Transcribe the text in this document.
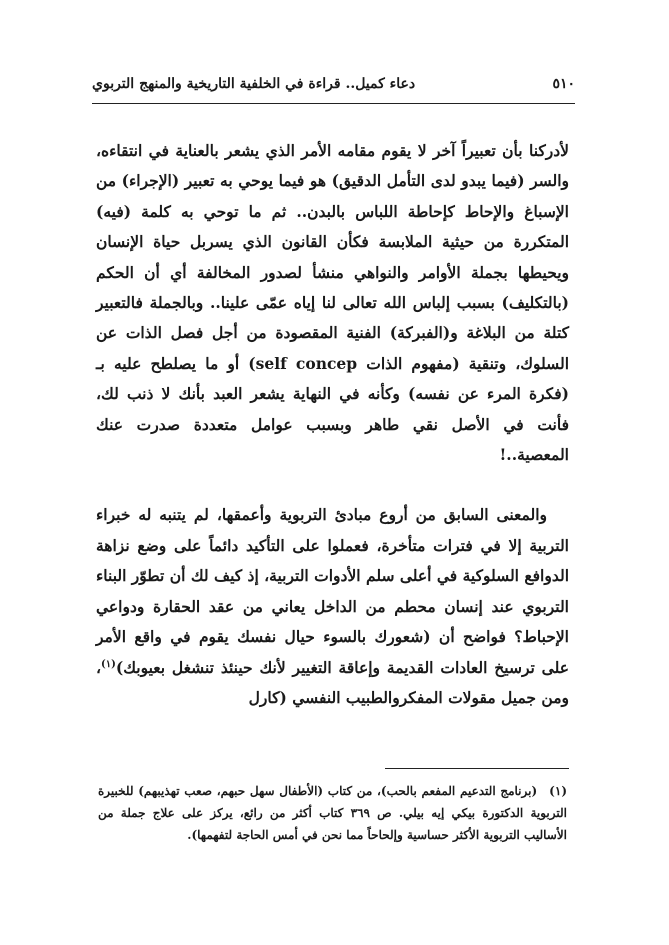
٥١٠
دعاء كميل.. قراءة في الخلفية التاريخية والمنهج التربوي

لأدركنا بأن تعبيراً آخر لا يقوم مقامه الأمر الذي يشعر بالعناية في انتقاءه، والسر (فيما يبدو لدى التأمل الدقيق) هو فيما يوحي به تعبير (الإجراء) من الإسباغ والإحاط كإحاطة اللباس بالبدن.. ثم ما توحي به كلمة (فيه) المتكررة من حيثية الملابسة فكأن القانون الذي يسربل حياة الإنسان ويحيطها بجملة الأوامر والنواهي منشأ لصدور المخالفة أي أن الحكم (بالتكليف) بسبب إلباس الله تعالى لنا إياه عمّى علينا.. وبالجملة فالتعبير كتلة من البلاغة و(الفبركة) الفنية المقصودة من أجل فصل الذات عن السلوك، وتنقية (مفهوم الذات self concep) أو ما يصلطح عليه بـ (فكرة المرء عن نفسه) وكأنه في النهاية يشعر العبد بأنك لا ذنب لك، فأنت في الأصل نقي طاهر وبسبب عوامل متعددة صدرت عنك المعصية..!

والمعنى السابق من أروع مبادئ التربوية وأعمقها، لم يتنبه له خبراء التربية إلا في فترات متأخرة، فعملوا على التأكيد دائماً على وضع نزاهة الدوافع السلوكية في أعلى سلم الأدوات التربية، إذ كيف لك أن تطوّر البناء التربوي عند إنسان محطم من الداخل يعاني من عقد الحقارة ودواعي الإحباط؟ فواضح أن (شعورك بالسوء حيال نفسك يقوم في واقع الأمر على ترسيخ العادات القديمة وإعاقة التغيير لأنك حينئذ تنشغل بعيوبك)$^{(١)}$، ومن جميل مقولات المفكروالطبيب النفسي (كارل

(١)(برنامج التدعيم المفعم بالحب)، من كتاب (الأطفال سهل حبهم، صعب تهذيبهم) للخبيرة التربوية الدكتورة بيكي إيه بيلي. ص ٣٦٩ كتاب أكثر من رائع، يركز على علاج جملة من الأساليب التربوية الأكثر حساسية وإلحاحاً مما نحن في أمس الحاجة لتفهمها).
